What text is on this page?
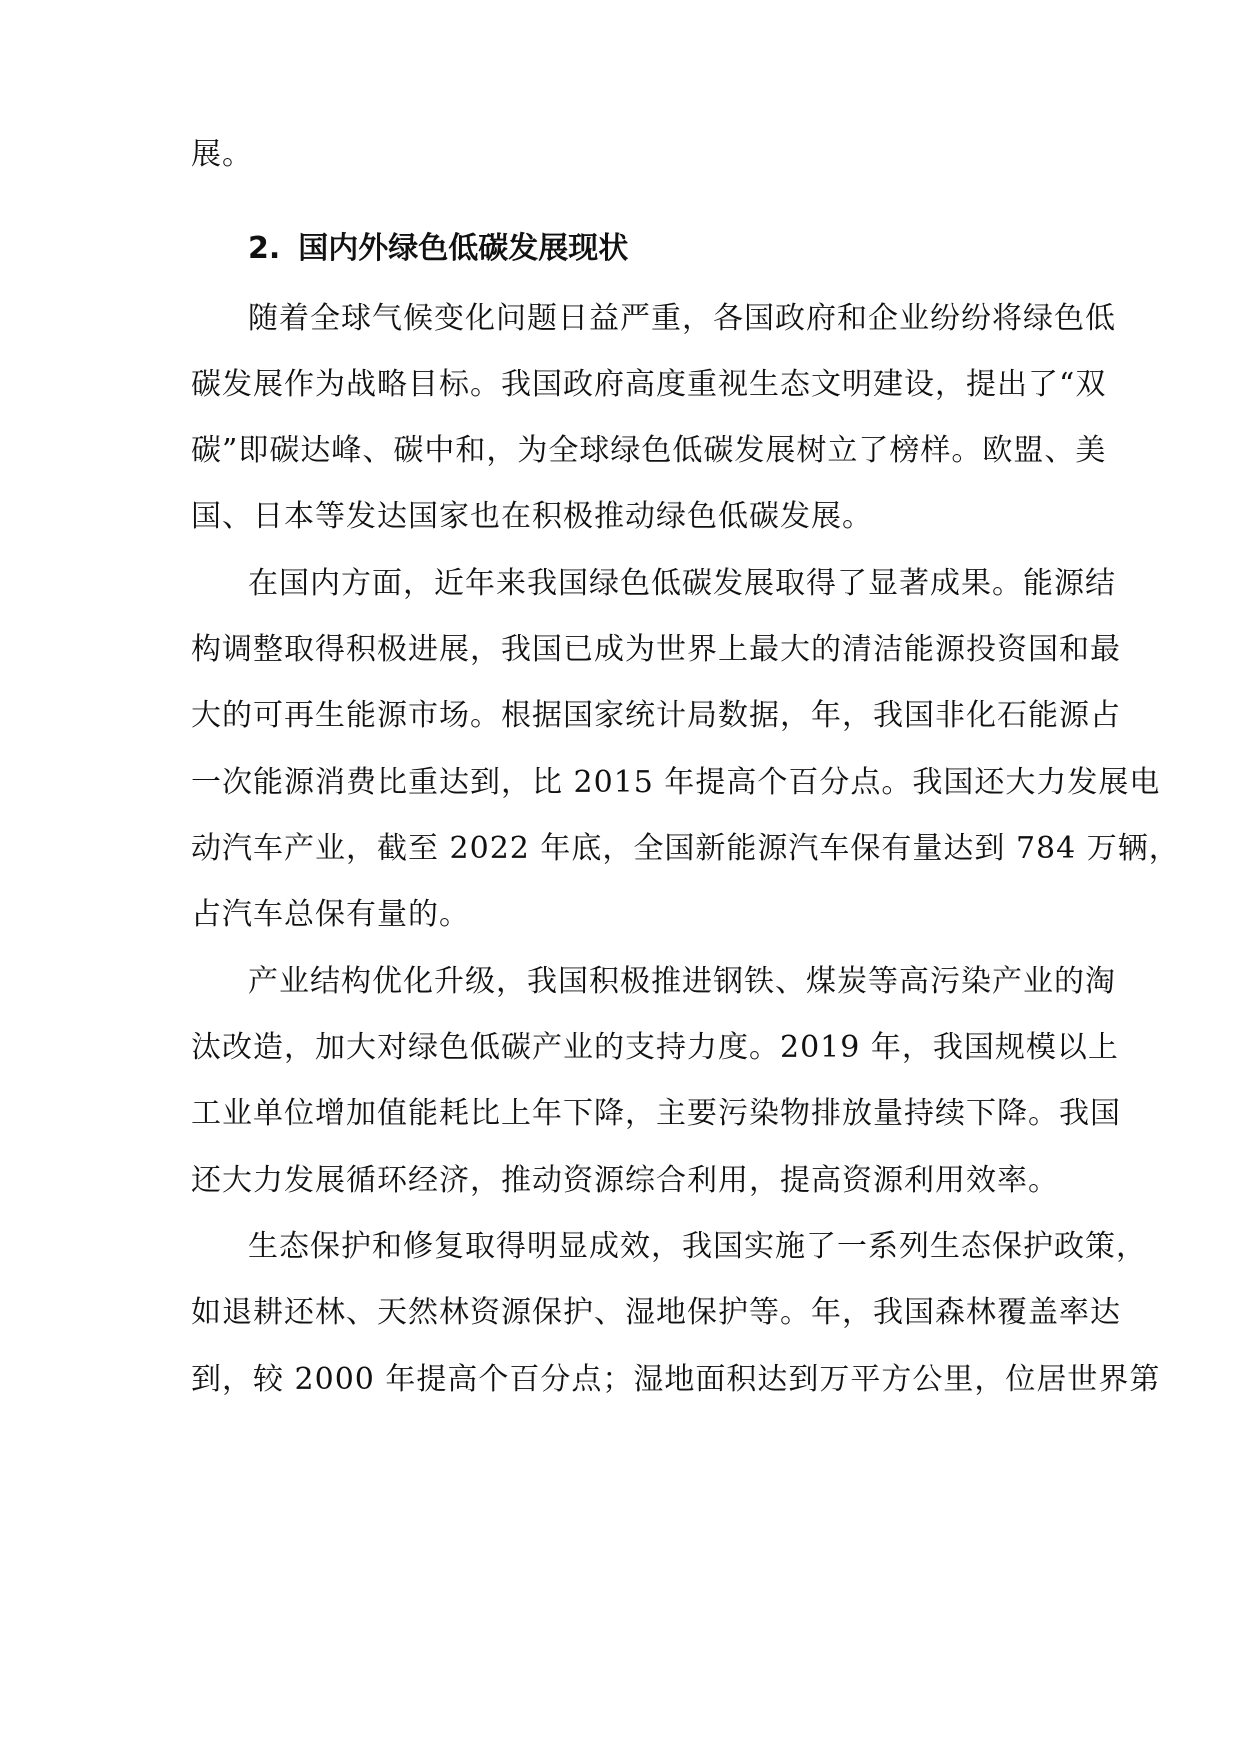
展。
2. 国内外绿色低碳发展现状
随着全球气候变化问题日益严重，各国政府和企业纷纷将绿色低
碳发展作为战略目标。我国政府高度重视生态文明建设，提出了“双
碳”即碳达峰、碳中和，为全球绿色低碳发展树立了榜样。欧盟、美
国、日本等发达国家也在积极推动绿色低碳发展。
在国内方面，近年来我国绿色低碳发展取得了显著成果。能源结
构调整取得积极进展，我国已成为世界上最大的清洁能源投资国和最
大的可再生能源市场。根据国家统计局数据，年，我国非化石能源占
一次能源消费比重达到，比 2015 年提高个百分点。我国还大力发展电
动汽车产业，截至 2022 年底，全国新能源汽车保有量达到 784 万辆，
占汽车总保有量的。
产业结构优化升级，我国积极推进钢铁、煤炭等高污染产业的淘
汰改造，加大对绿色低碳产业的支持力度。2019 年，我国规模以上
工业单位增加值能耗比上年下降，主要污染物排放量持续下降。我国
还大力发展循环经济，推动资源综合利用，提高资源利用效率。
生态保护和修复取得明显成效，我国实施了一系列生态保护政策，
如退耕还林、天然林资源保护、湿地保护等。年，我国森林覆盖率达
到，较 2000 年提高个百分点；湿地面积达到万平方公里，位居世界第
